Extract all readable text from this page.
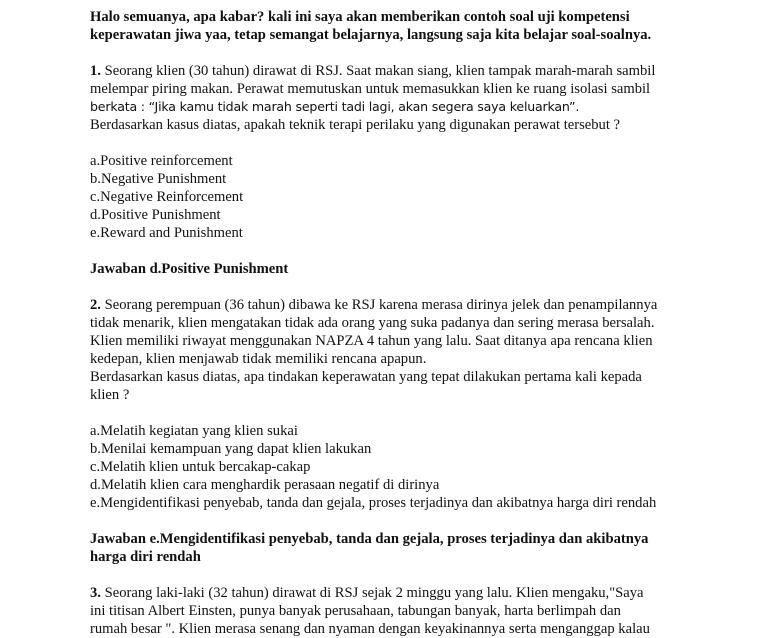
Halo semuanya, apa kabar? kali ini saya akan memberikan contoh soal uji kompetensi

keperawatan jiwa yaa, tetap semangat belajarnya, langsung saja kita belajar soal-soalnya.

1. Seorang klien (30 tahun) dirawat di RSJ. Saat makan siang, klien tampak marah-marah sambil

melempar piring makan. Perawat memutuskan untuk memasukkan klien ke ruang isolasi sambil

berkata : “Jika kamu tidak marah seperti tadi lagi, akan segera saya keluarkan”.

Berdasarkan kasus diatas, apakah teknik terapi perilaku yang digunakan perawat tersebut ?

a.Positive reinforcement

b.Negative Punishment

c.Negative Reinforcement

d.Positive Punishment

e.Reward and Punishment

Jawaban d.Positive Punishment

2. Seorang perempuan (36 tahun) dibawa ke RSJ karena merasa dirinya jelek dan penampilannya

tidak menarik, klien mengatakan tidak ada orang yang suka padanya dan sering merasa bersalah.

Klien memiliki riwayat menggunakan NAPZA 4 tahun yang lalu. Saat ditanya apa rencana klien

kedepan, klien menjawab tidak memiliki rencana apapun.

Berdasarkan kasus diatas, apa tindakan keperawatan yang tepat dilakukan pertama kali kepada

klien ?

a.Melatih kegiatan yang klien sukai

b.Menilai kemampuan yang dapat klien lakukan

c.Melatih klien untuk bercakap-cakap

d.Melatih klien cara menghardik perasaan negatif di dirinya

e.Mengidentifikasi penyebab, tanda dan gejala, proses terjadinya dan akibatnya harga diri rendah

Jawaban e.Mengidentifikasi penyebab, tanda dan gejala, proses terjadinya dan akibatnya

harga diri rendah

3. Seorang laki-laki (32 tahun) dirawat di RSJ sejak 2 minggu yang lalu. Klien mengaku,"Saya

ini titisan Albert Einsten, punya banyak perusahaan, tabungan banyak, harta berlimpah dan

rumah besar ". Klien merasa senang dan nyaman dengan keyakinannya serta menganggap kalau
